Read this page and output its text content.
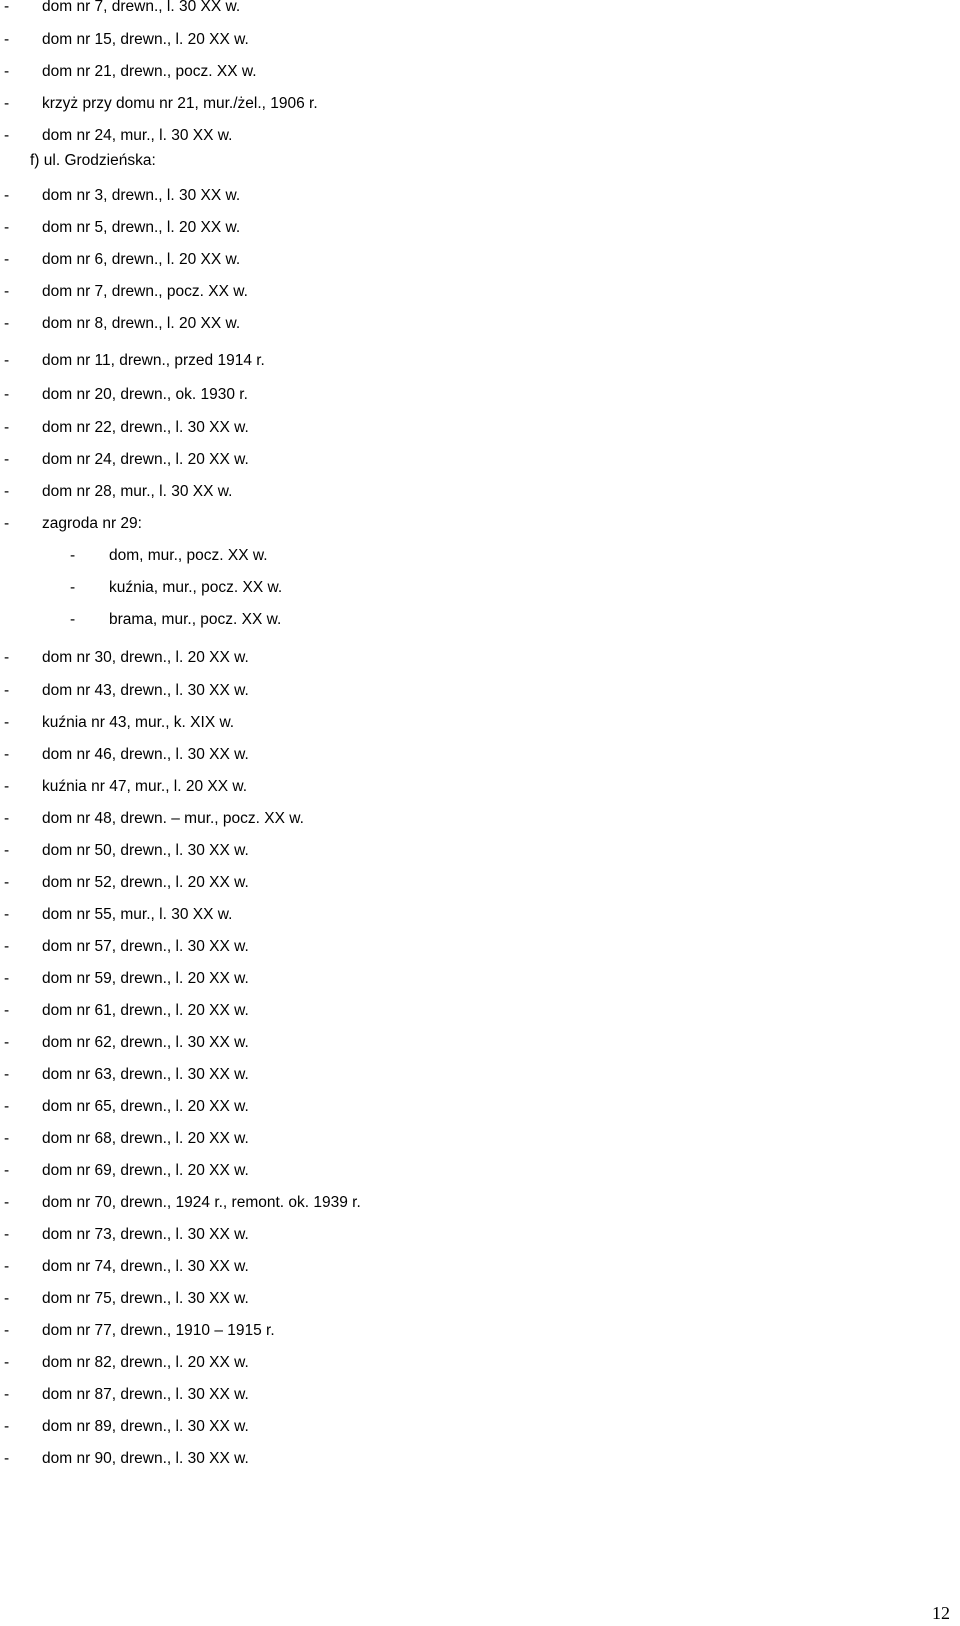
- dom nr 7, drewn., l. 30 XX w.
- dom nr 15, drewn., l. 20 XX w.
- dom nr 21, drewn., pocz. XX w.
- krzyż przy domu nr 21, mur./żel., 1906 r.
- dom nr 24, mur., l. 30 XX w.
- dom nr 3, drewn., l. 30 XX w.
- dom nr 5, drewn., l. 20 XX w.
- dom nr 6, drewn., l. 20 XX w.
- dom nr 7, drewn., pocz. XX w.
- dom nr 8, drewn., l. 20 XX w.
- dom nr 11, drewn., przed 1914 r.
- dom nr 20, drewn., ok. 1930 r.
- dom nr 22, drewn., l. 30 XX w.
- dom nr 24, drewn., l. 20 XX w.
- dom nr 28, mur., l. 30 XX w.
- zagroda nr 29:
- dom, mur., pocz. XX w.
- kuźnia, mur., pocz. XX w.
- brama, mur., pocz. XX w.
- dom nr 30, drewn., l. 20 XX w.
- dom nr 43, drewn., l. 30 XX w.
- kuźnia nr 43, mur., k. XIX w.
- dom nr 46, drewn., l. 30 XX w.
- kuźnia nr 47, mur., l. 20 XX w.
- dom nr 48, drewn. – mur., pocz. XX w.
- dom nr 50, drewn., l. 30 XX w.
- dom nr 52, drewn., l. 20 XX w.
- dom nr 55, mur., l. 30 XX w.
- dom nr 57, drewn., l. 30 XX w.
- dom nr 59, drewn., l. 20 XX w.
- dom nr 61, drewn., l. 20 XX w.
- dom nr 62, drewn., l. 30 XX w.
- dom nr 63, drewn., l. 30 XX w.
- dom nr 65, drewn., l. 20 XX w.
- dom nr 68, drewn., l. 20 XX w.
- dom nr 69, drewn., l. 20 XX w.
- dom nr 70, drewn., 1924 r., remont. ok. 1939 r.
- dom nr 73, drewn., l. 30 XX w.
- dom nr 74, drewn., l. 30 XX w.
- dom nr 75, drewn., l. 30 XX w.
- dom nr 77, drewn., 1910 – 1915 r.
- dom nr 82, drewn., l. 20 XX w.
- dom nr 87, drewn., l. 30 XX w.
- dom nr 89, drewn., l. 30 XX w.
- dom nr 90, drewn., l. 30 XX w.
f) ul. Grodzieńska:
12
